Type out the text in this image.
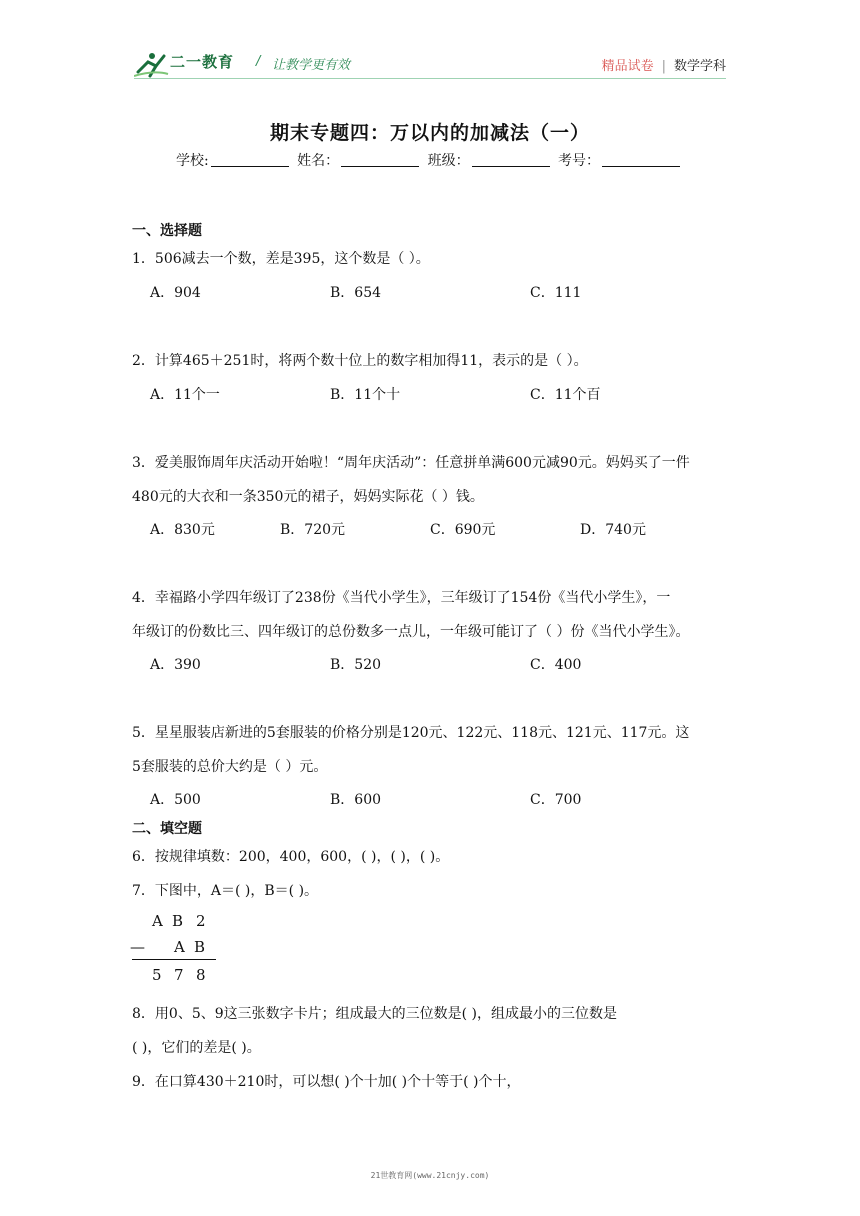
二一教育 / 让教学更有效	精品试卷 | 数学学科
期末专题四：万以内的加减法（一）
学校:	姓名：	班级：	考号：
一、选择题
1．506减去一个数，差是395，这个数是（ ）。
A．904	B．654	C．111
2．计算465＋251时，将两个数十位上的数字相加得11，表示的是（ ）。
A．11个一	B．11个十	C．11个百
3．爱美服饰周年庆活动开始啦！“周年庆活动”：任意拼单满600元减90元。妈妈买了一件
480元的大衣和一条350元的裙子，妈妈实际花（ ）钱。
A．830元	B．720元	C．690元	D．740元
4．幸福路小学四年级订了238份《当代小学生》，三年级订了154份《当代小学生》，一
年级订的份数比三、四年级订的总份数多一点儿，一年级可能订了（ ）份《当代小学生》。
A．390	B．520	C．400
5．星星服装店新进的5套服装的价格分别是120元、122元、118元、121元、117元。这
5套服装的总价大约是（ ）元。
A．500	B．600	C．700
二、填空题
6．按规律填数：200，400，600，( )，( )，( )。
7．下图中，A＝( )，B＝( )。
A B 2
— A B
5 7 8
8．用0、5、9这三张数字卡片；组成最大的三位数是( )，组成最小的三位数是
( )，它们的差是( )。
9．在口算430＋210时，可以想( )个十加( )个十等于( )个十，
21世教育网(www.21cnjy.com)
